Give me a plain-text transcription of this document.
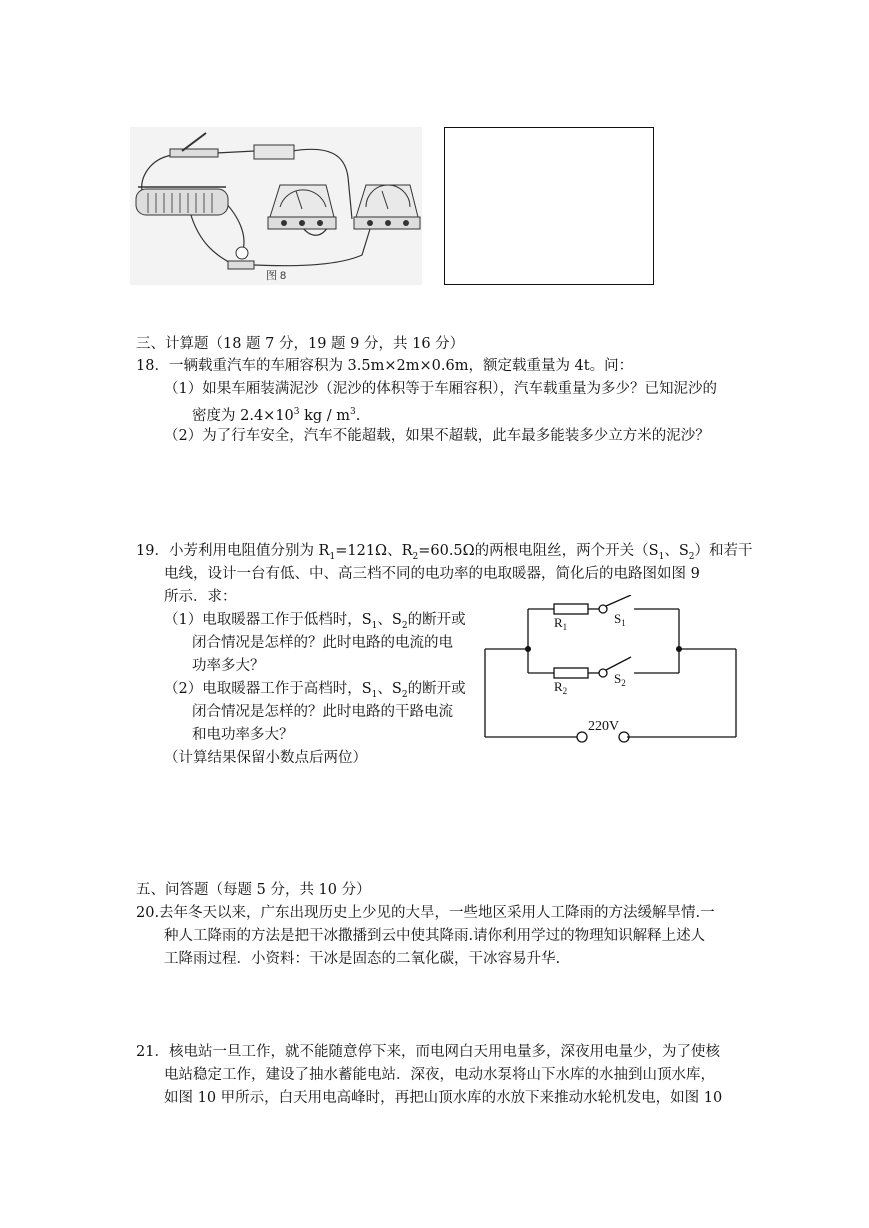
图 8
三、计算题（18 题 7 分，19 题 9 分，共 16 分）
18．一辆载重汽车的车厢容积为 3.5m×2m×0.6m，额定载重量为 4t。问：
（1）如果车厢装满泥沙（泥沙的体积等于车厢容积），汽车载重量为多少？已知泥沙的
密度为 $2.4\times 10^3$ kg / $m^3$.
（2）为了行车安全，汽车不能超载，如果不超载，此车最多能装多少立方米的泥沙？
19．小芳利用电阻值分别为 $R_1=121\Omega$、$R_2=60.5\Omega$的两根电阻丝，两个开关（$S_1$、$S_2$）和若干
电线，设计一台有低、中、高三档不同的电功率的电取暖器，简化后的电路图如图 9
所示．求：
（1）电取暖器工作于低档时，$S_1$、$S_2$的断开或
闭合情况是怎样的？此时电路的电流的电
功率多大？
（2）电取暖器工作于高档时，$S_1$、$S_2$的断开或
闭合情况是怎样的？此时电路的干路电流
和电功率多大？
（计算结果保留小数点后两位）
$R_1$
$S_1$
$R_2$
$S_2$
220V
五、问答题（每题 5 分，共 10 分）
20.去年冬天以来，广东出现历史上少见的大旱，一些地区采用人工降雨的方法缓解旱情.一
种人工降雨的方法是把干冰撒播到云中使其降雨.请你利用学过的物理知识解释上述人
工降雨过程．小资料：干冰是固态的二氧化碳，干冰容易升华.
21．核电站一旦工作，就不能随意停下来，而电网白天用电量多，深夜用电量少，为了使核
电站稳定工作，建设了抽水蓄能电站．深夜，电动水泵将山下水库的水抽到山顶水库，
如图 10 甲所示，白天用电高峰时，再把山顶水库的水放下来推动水轮机发电，如图 10
